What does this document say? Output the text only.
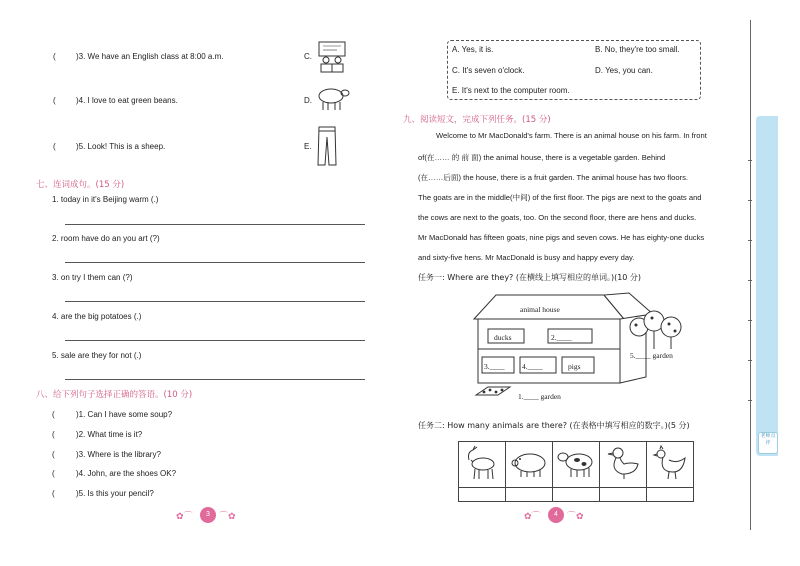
(	)3. We have an English class at 8:00 a.m.	C.
(	)4. I love to eat green beans.	D.
(	)5. Look! This is a sheep.	E.
七、连词成句。(15 分)
1. today in it's Beijing warm (.)
2. room have do an you art (?)
3. on try I them can (?)
4. are the big potatoes (.)
5. sale are they for not (.)
八、给下列句子选择正确的答语。(10 分)
(	)1. Can I have some soup?
(	)2. What time is it?
(	)3. Where is the library?
(	)4. John, are the shoes OK?
(	)5. Is this your pencil?
✿⌒	3	⌒✿
A. Yes, it is.	B. No, they're too small.
C. It's seven o'clock.	D. Yes, you can.
E. It's next to the computer room.
九、阅读短文，完成下列任务。(15 分)
Welcome to Mr MacDonald's farm. There is an animal house on his farm. In front
of(在…… 的 前 面) the animal house, there is a vegetable garden. Behind
(在……后面) the house, there is a fruit garden. The animal house has two floors.
The goats are in the middle(中间) of the first floor. The pigs are next to the goats and
the cows are next to the goats, too. On the second floor, there are hens and ducks.
Mr MacDonald has fifteen goats, nine pigs and seven cows. He has eighty-one ducks
and sixty-five hens. Mr MacDonald is busy and happy every day.
任务一: Where are they? (在横线上填写相应的单词。)(10 分)
animal house
ducks	2.____
3.____ 4.____	pigs
5.____ garden
1.____ garden
任务二: How many animals are there? (在表格中填写相应的数字。)(5 分)

✿⌒	4	⌒✿
老师点评
